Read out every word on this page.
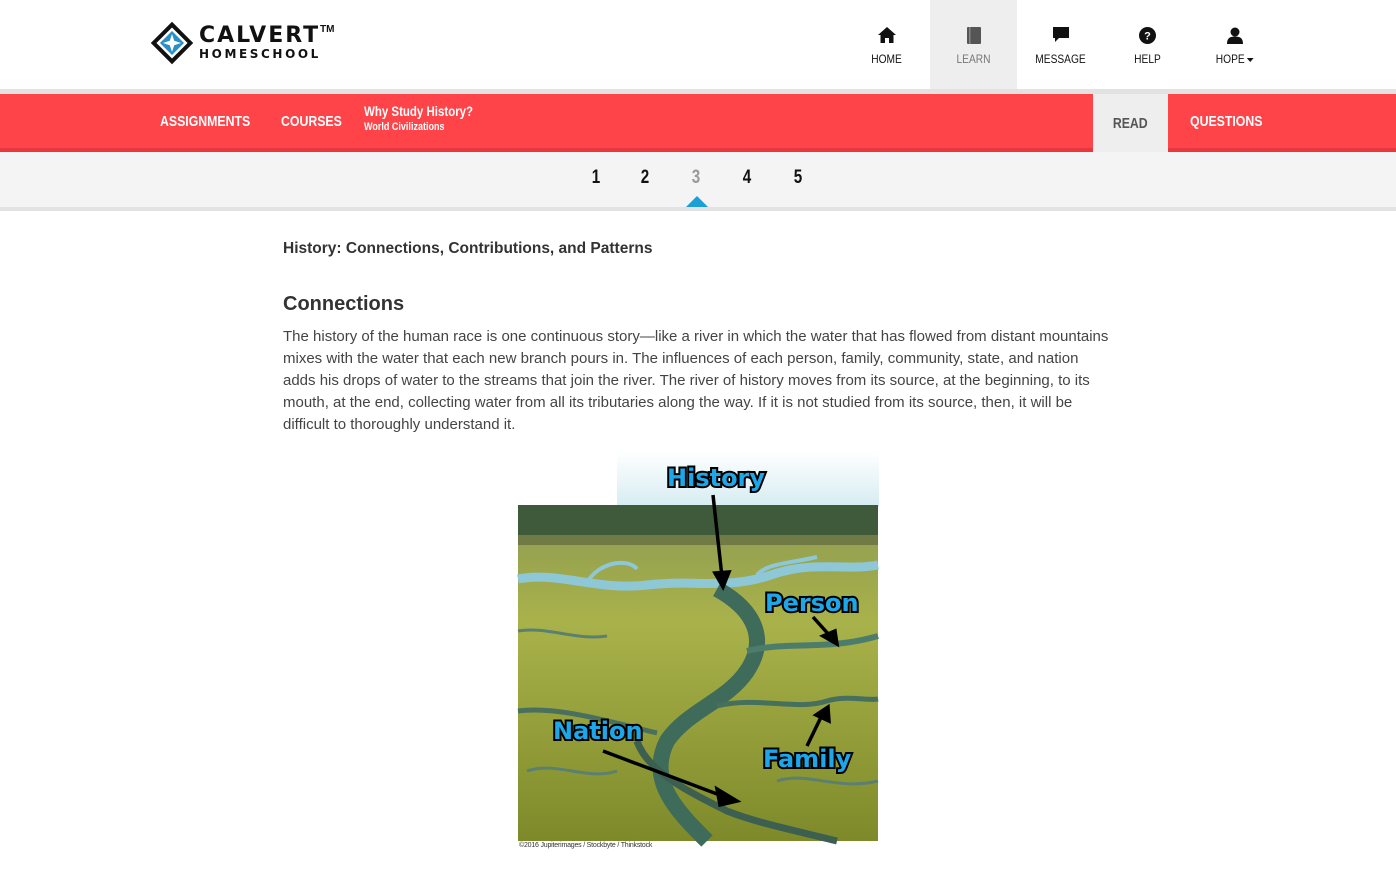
CALVERT TM
HOMESCHOOL	HOME	LEARN	MESSAGE
?
HELP	HOPE
ASSIGNMENTS COURSES
Why Study History?
World Civilizations	READ	QUESTIONS
1 2 3 4 5
History: Connections, Contributions, and Patterns
Connections

The history of the human race is one continuous story—like a river in which the water that has flowed from distant mountains mixes with the water that each new branch pours in. The influences of each person, family, community, state, and nation adds his drops of water to the streams that join the river. The river of history moves from its source, at the beginning, to its mouth, at the end, collecting water from all its tributaries along the way. If it is not studied from its source, then, it will be difficult to thoroughly understand it.

History
Person
Nation
Family
©2016 Jupiterimages / Stockbyte / Thinkstock
